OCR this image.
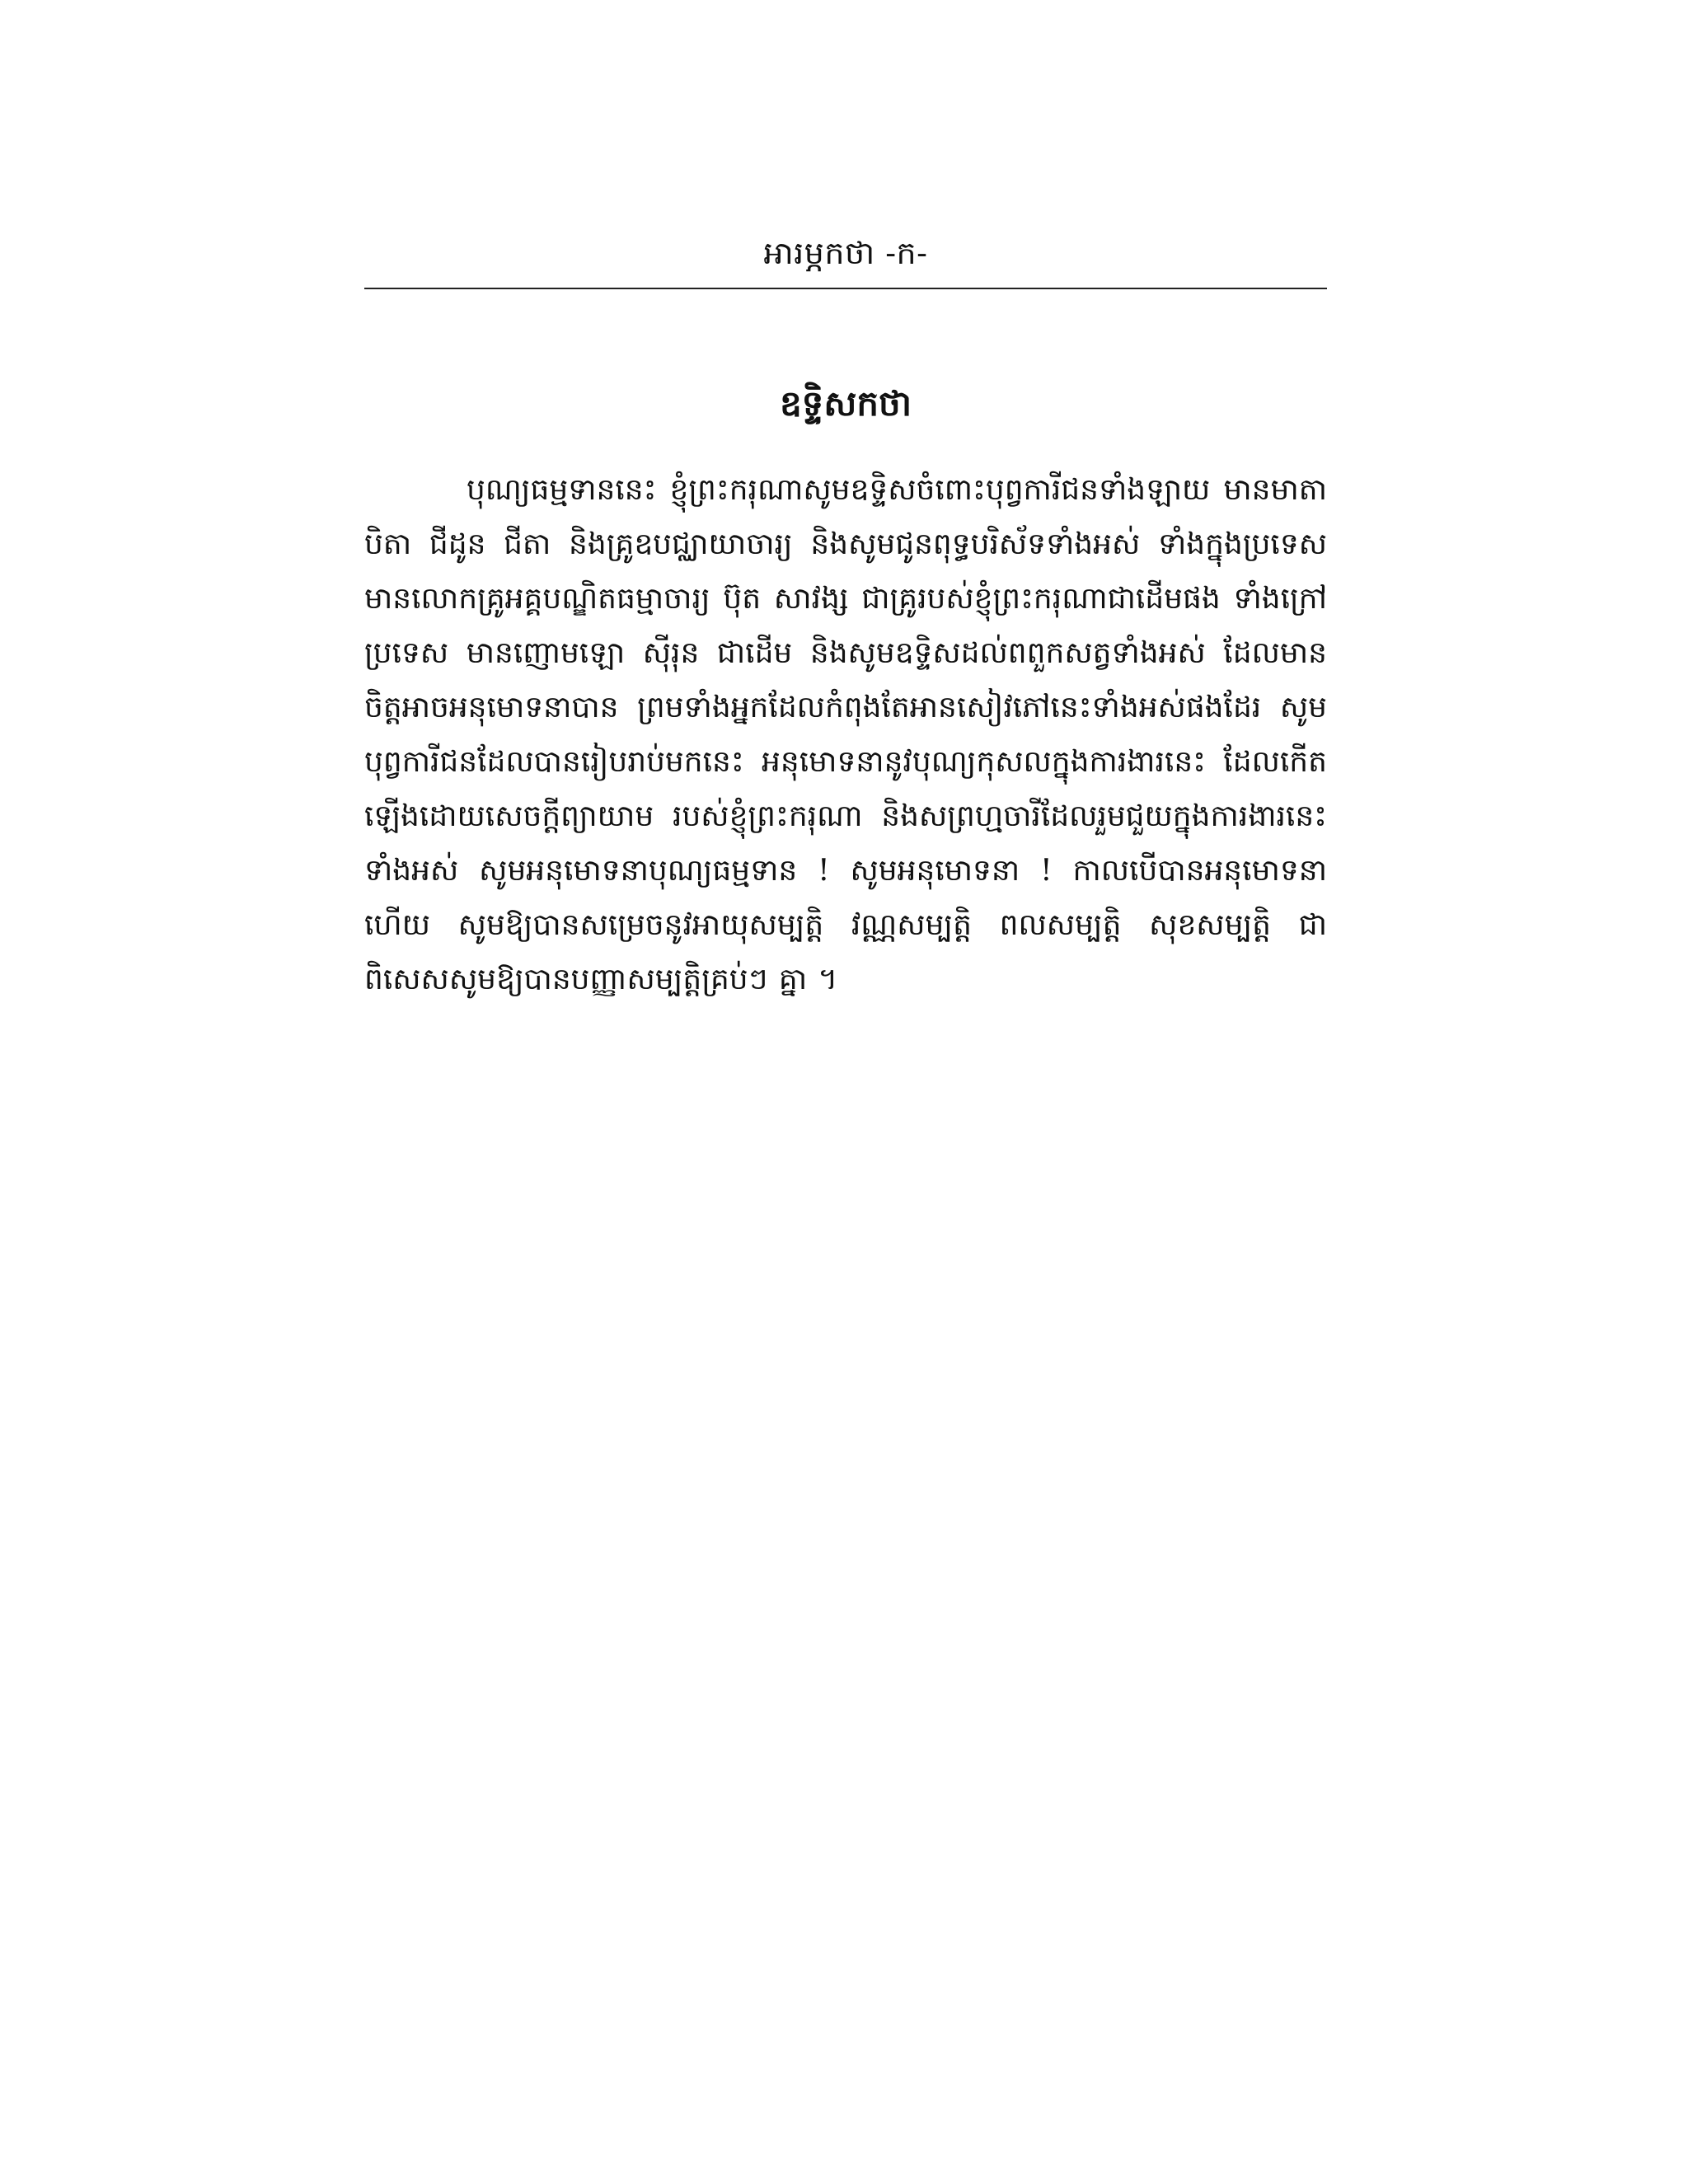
អារម្ភកថា -ក-
ឧទ្ទិសកថា

បុណ្យធម្មទាននេះ ខ្ញុំព្រះករុណាសូមឧទ្ទិសចំពោះបុព្វការីជនទាំងឡាយ មានមាតាបិតា ជីដូន ជីតា និងគ្រូឧបជ្ឈាយាចារ្យ និងសូមជូនពុទ្ធបរិស័ទទាំងអស់ ទាំងក្នុងប្រទេស មានលោកគ្រូអគ្គបណ្ឌិតធម្មាចារ្យ ប៊ុត សាវង្ស ជាគ្រូរបស់ខ្ញុំព្រះករុណាជាដើមផង ទាំងក្រៅប្រទេស មានញោមឡោ ស៊ីរុន ជាដើម និងសូមឧទ្ទិសដល់ពពួកសត្វទាំងអស់ ដែលមានចិត្តអាចអនុមោទនាបាន ព្រមទាំងអ្នកដែលកំពុងតែអានសៀវភៅនេះទាំងអស់ផងដែរ សូមបុព្វការីជនដែលបានរៀបរាប់មកនេះ អនុមោទនានូវបុណ្យកុសលក្នុងការងារនេះ ដែលកើតឡើងដោយសេចក្តីព្យាយាម របស់ខ្ញុំព្រះករុណា និងសព្រហ្មចារីដែលរួមជួយក្នុងការងារនេះទាំងអស់ សូមអនុមោទនាបុណ្យធម្មទាន ! សូមអនុមោទនា ! កាលបើបានអនុមោទនាហើយ សូមឱ្យបានសម្រេចនូវអាយុសម្បត្តិ វណ្ណសម្បត្តិ ពលសម្បត្តិ សុខសម្បត្តិ ជាពិសេសសូមឱ្យបានបញ្ញាសម្បត្តិគ្រប់ៗ គ្នា ។
